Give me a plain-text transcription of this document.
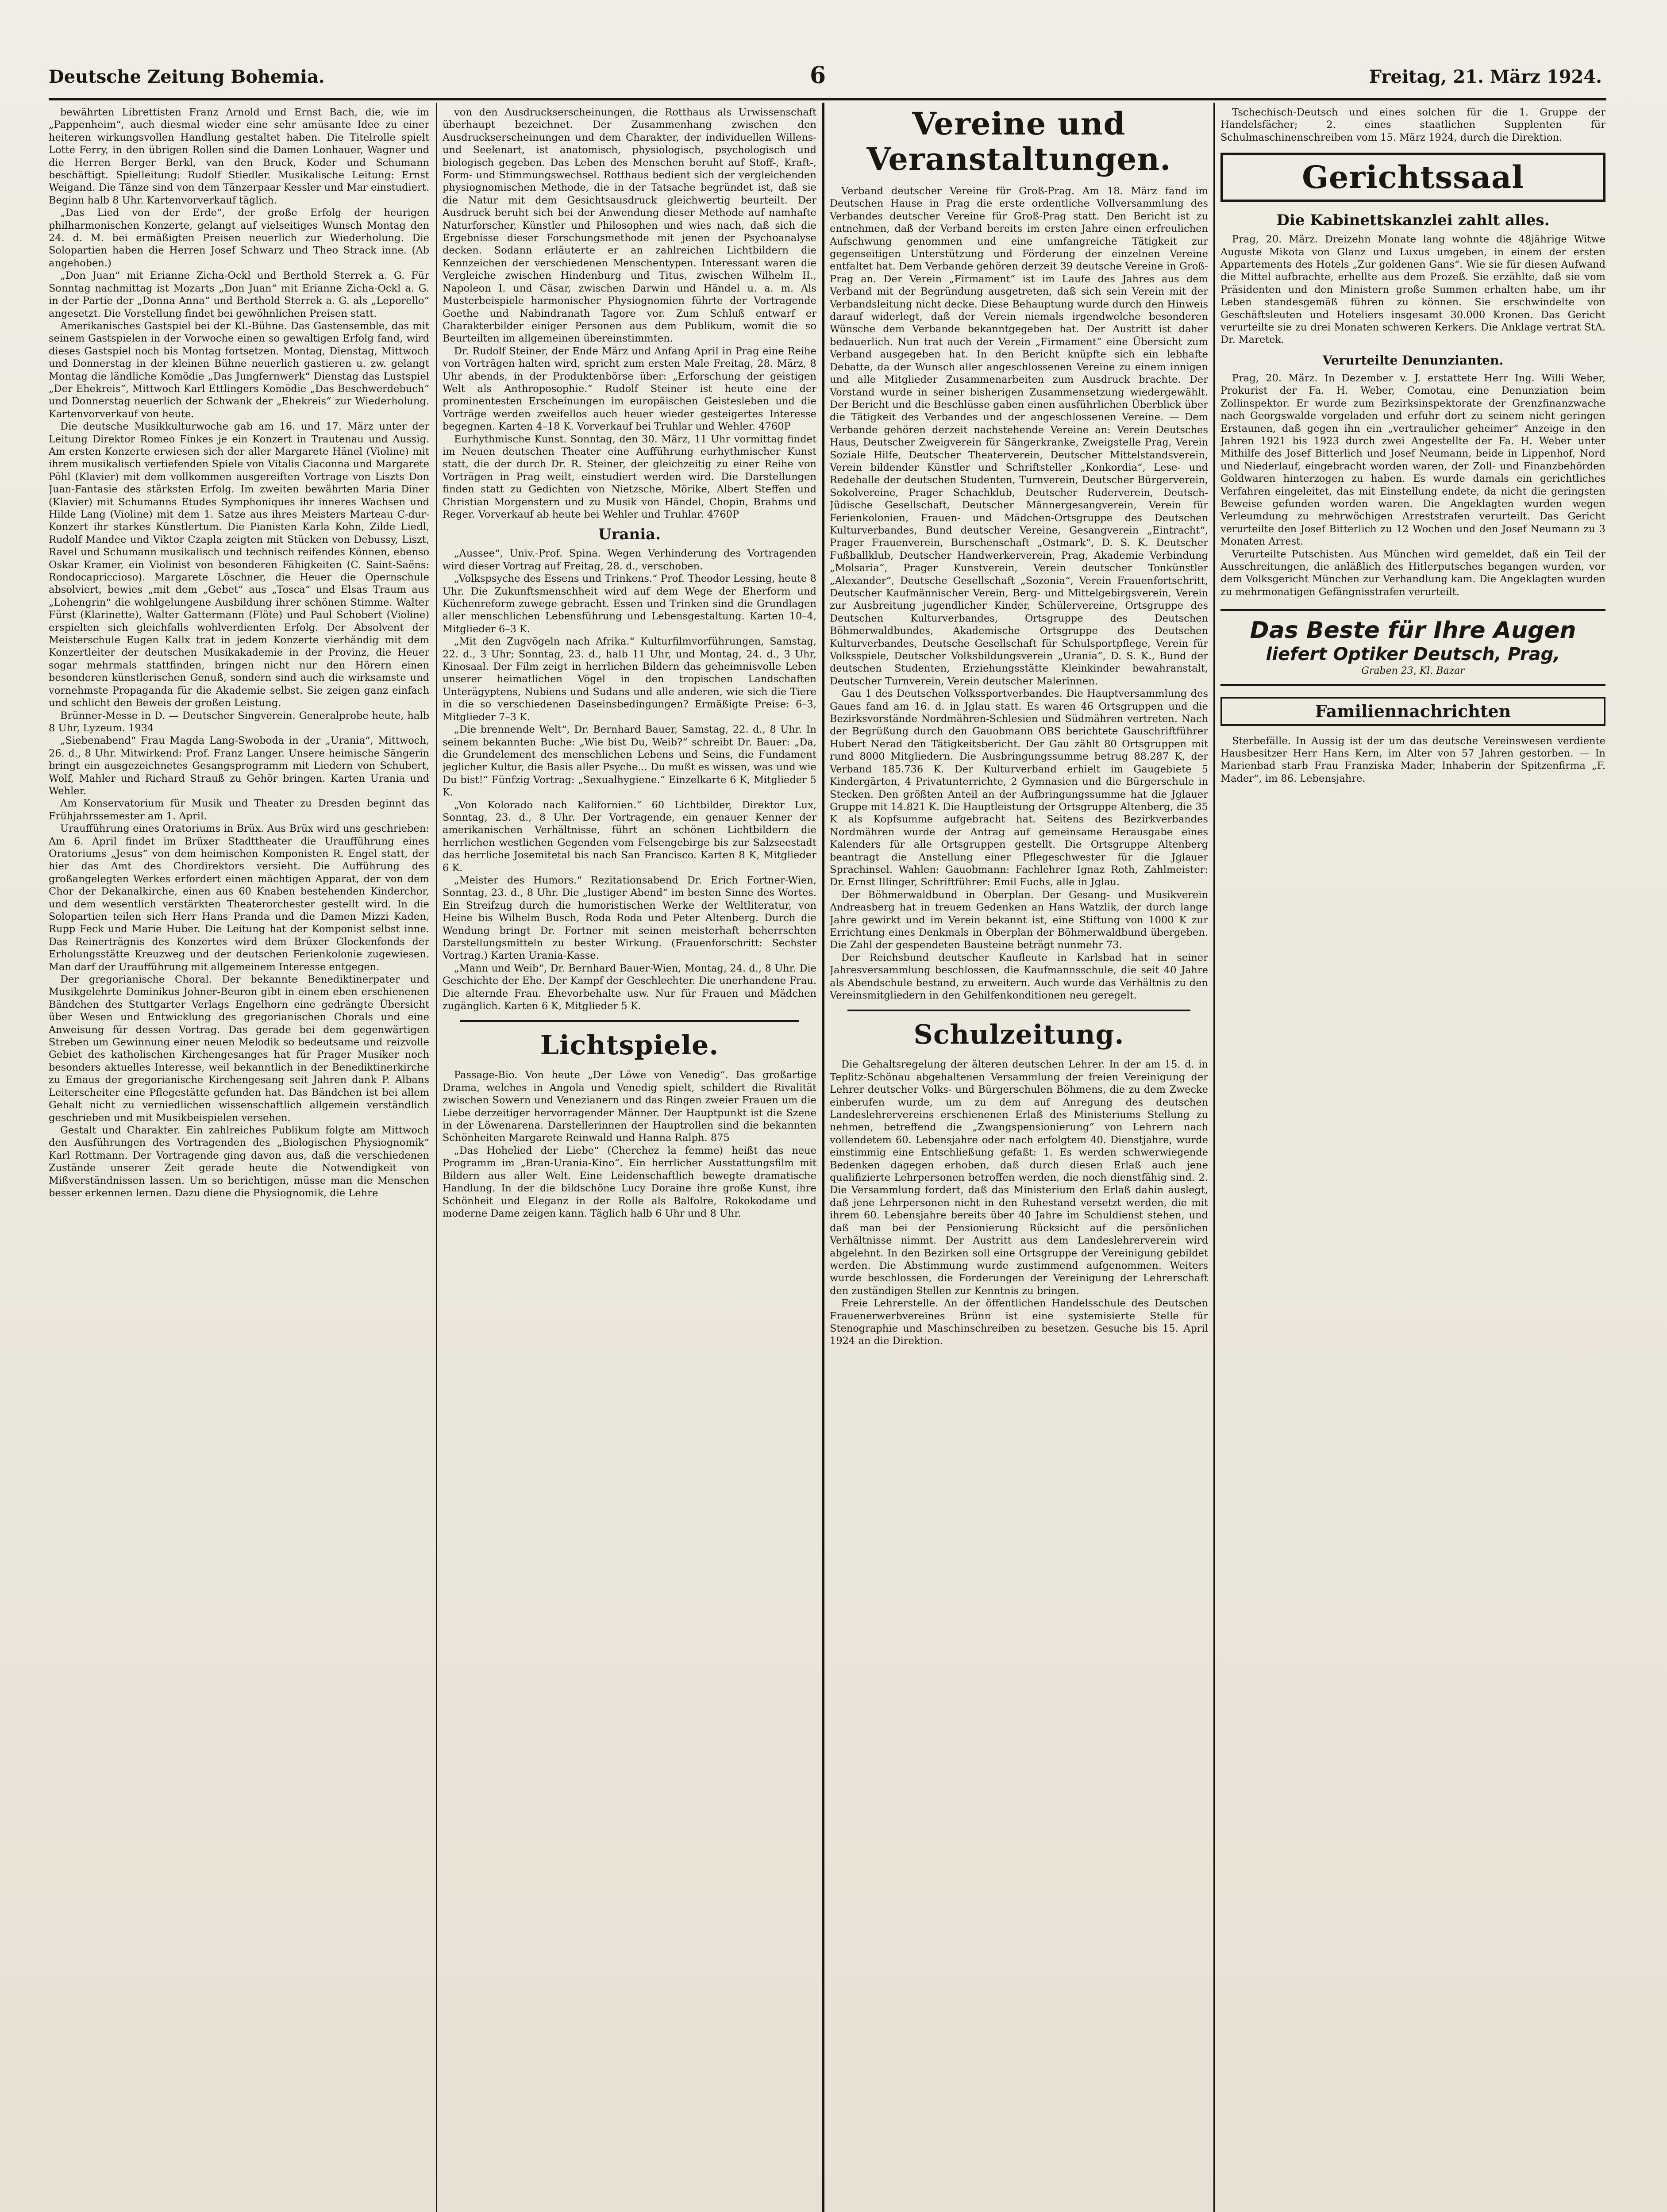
Deutsche Zeitung Bohemia.	6	Freitag, 21. März 1924.

bewährten Librettisten Franz Arnold und Ernst Bach, die, wie im „Pappenheim“, auch diesmal wieder eine sehr amüsante Idee zu einer heiteren wirkungsvollen Handlung gestaltet haben. Die Titelrolle spielt Lotte Ferry, in den übrigen Rollen sind die Damen Lonhauer, Wagner und die Herren Berger Berkl, van den Bruck, Koder und Schumann beschäftigt. Spielleitung: Rudolf Stiedler. Musikalische Leitung: Ernst Weigand. Die Tänze sind von dem Tänzerpaar Kessler und Mar einstudiert. Beginn halb 8 Uhr. Kartenvorverkauf täglich.

„Das Lied von der Erde“, der große Erfolg der heurigen philharmonischen Konzerte, gelangt auf vielseitiges Wunsch Montag den 24. d. M. bei ermäßigten Preisen neuerlich zur Wiederholung. Die Solopartien haben die Herren Josef Schwarz und Theo Strack inne. (Ab angehoben.)

„Don Juan“ mit Erianne Zicha-Ockl und Berthold Sterrek a. G. Für Sonntag nachmittag ist Mozarts „Don Juan“ mit Erianne Zicha-Ockl a. G. in der Partie der „Donna Anna“ und Berthold Sterrek a. G. als „Leporello“ angesetzt. Die Vorstellung findet bei gewöhnlichen Preisen statt.

Amerikanisches Gastspiel bei der Kl.-Bühne. Das Gastensemble, das mit seinem Gastspielen in der Vorwoche einen so gewaltigen Erfolg fand, wird dieses Gastspiel noch bis Montag fortsetzen. Montag, Dienstag, Mittwoch und Donnerstag in der kleinen Bühne neuerlich gastieren u. zw. gelangt Montag die ländliche Komödie „Das Jungfernwerk“ Dienstag das Lustspiel „Der Ehekreis“, Mittwoch Karl Ettlingers Komödie „Das Beschwerdebuch“ und Donnerstag neuerlich der Schwank der „Ehekreis“ zur Wiederholung. Kartenvorverkauf von heute.

Die deutsche Musikkulturwoche gab am 16. und 17. März unter der Leitung Direktor Romeo Finkes je ein Konzert in Trautenau und Aussig. Am ersten Konzerte erwiesen sich der aller Margarete Hänel (Violine) mit ihrem musikalisch vertiefenden Spiele von Vitalis Ciaconna und Margarete Pöhl (Klavier) mit dem vollkommen ausgereiften Vortrage von Liszts Don Juan-Fantasie des stärksten Erfolg. Im zweiten bewährten Maria Diner (Klavier) mit Schumanns Etudes Symphoniques ihr inneres Wachsen und Hilde Lang (Violine) mit dem 1. Satze aus ihres Meisters Marteau C-dur-Konzert ihr starkes Künstlertum. Die Pianisten Karla Kohn, Zilde Liedl, Rudolf Mandee und Viktor Czapla zeigten mit Stücken von Debussy, Liszt, Ravel und Schumann musikalisch und technisch reifendes Können, ebenso Oskar Kramer, ein Violinist von besonderen Fähigkeiten (C. Saint-Saëns: Rondocapriccioso). Margarete Löschner, die Heuer die Opernschule absolviert, bewies „mit dem „Gebet“ aus „Tosca“ und Elsas Traum aus „Lohengrin“ die wohlgelungene Ausbildung ihrer schönen Stimme. Walter Fürst (Klarinette), Walter Gattermann (Flöte) und Paul Schobert (Violine) erspielten sich gleichfalls wohlverdienten Erfolg. Der Absolvent der Meisterschule Eugen Kallx trat in jedem Konzerte vierhändig mit dem Konzertleiter der deutschen Musikakademie in der Provinz, die Heuer sogar mehrmals stattfinden, bringen nicht nur den Hörern einen besonderen künstlerischen Genuß, sondern sind auch die wirksamste und vornehmste Propaganda für die Akademie selbst. Sie zeigen ganz einfach und schlicht den Beweis der großen Leistung.

Brünner-Messe in D. — Deutscher Singverein. Generalprobe heute, halb 8 Uhr, Lyzeum. 1934

„Siebenabend“ Frau Magda Lang-Swoboda in der „Urania“, Mittwoch, 26. d., 8 Uhr. Mitwirkend: Prof. Franz Langer. Unsere heimische Sängerin bringt ein ausgezeichnetes Gesangsprogramm mit Liedern von Schubert, Wolf, Mahler und Richard Strauß zu Gehör bringen. Karten Urania und Wehler.

Am Konservatorium für Musik und Theater zu Dresden beginnt das Frühjahrssemester am 1. April.

Uraufführung eines Oratoriums in Brüx. Aus Brüx wird uns geschrieben: Am 6. April findet im Brüxer Stadttheater die Uraufführung eines Oratoriums „Jesus“ von dem heimischen Komponisten R. Engel statt, der hier das Amt des Chordirektors versieht. Die Aufführung des großangelegten Werkes erfordert einen mächtigen Apparat, der von dem Chor der Dekanalkirche, einen aus 60 Knaben bestehenden Kinderchor, und dem wesentlich verstärkten Theaterorchester gestellt wird. In die Solopartien teilen sich Herr Hans Pranda und die Damen Mizzi Kaden, Rupp Feck und Marie Huber. Die Leitung hat der Komponist selbst inne. Das Reinerträgnis des Konzertes wird dem Brüxer Glockenfonds der Erholungsstätte Kreuzweg und der deutschen Ferienkolonie zugewiesen. Man darf der Uraufführung mit allgemeinem Interesse entgegen.

Der gregorianische Choral. Der bekannte Benediktinerpater und Musikgelehrte Dominikus Johner-Beuron gibt in einem eben erschienenen Bändchen des Stuttgarter Verlags Engelhorn eine gedrängte Übersicht über Wesen und Entwicklung des gregorianischen Chorals und eine Anweisung für dessen Vortrag. Das gerade bei dem gegenwärtigen Streben um Gewinnung einer neuen Melodik so bedeutsame und reizvolle Gebiet des katholischen Kirchengesanges hat für Prager Musiker noch besonders aktuelles Interesse, weil bekanntlich in der Benediktinerkirche zu Emaus der gregorianische Kirchengesang seit Jahren dank P. Albans Leiterscheiter eine Pflegestätte gefunden hat. Das Bändchen ist bei allem Gehalt nicht zu verniedlichen wissenschaftlich allgemein verständlich geschrieben und mit Musikbeispielen versehen.

Gestalt und Charakter. Ein zahlreiches Publikum folgte am Mittwoch den Ausführungen des Vortragenden des „Biologischen Physiognomik“ Karl Rottmann. Der Vortragende ging davon aus, daß die verschiedenen Zustände unserer Zeit gerade heute die Notwendigkeit von Mißverständnissen lassen. Um so berichtigen, müsse man die Menschen besser erkennen lernen. Dazu diene die Physiognomik, die Lehre

von den Ausdruckserscheinungen, die Rotthaus als Urwissenschaft überhaupt bezeichnet. Der Zusammenhang zwischen den Ausdruckserscheinungen und dem Charakter, der individuellen Willens- und Seelenart, ist anatomisch, physiologisch, psychologisch und biologisch gegeben. Das Leben des Menschen beruht auf Stoff-, Kraft-, Form- und Stimmungswechsel. Rotthaus bedient sich der vergleichenden physiognomischen Methode, die in der Tatsache begründet ist, daß sie die Natur mit dem Gesichtsausdruck gleichwertig beurteilt. Der Ausdruck beruht sich bei der Anwendung dieser Methode auf namhafte Naturforscher, Künstler und Philosophen und wies nach, daß sich die Ergebnisse dieser Forschungsmethode mit jenen der Psychoanalyse decken. Sodann erläuterte er an zahlreichen Lichtbildern die Kennzeichen der verschiedenen Menschentypen. Interessant waren die Vergleiche zwischen Hindenburg und Titus, zwischen Wilhelm II., Napoleon I. und Cäsar, zwischen Darwin und Händel u. a. m. Als Musterbeispiele harmonischer Physiognomien führte der Vortragende Goethe und Nabindranath Tagore vor. Zum Schluß entwarf er Charakterbilder einiger Personen aus dem Publikum, womit die so Beurteilten im allgemeinen übereinstimmten.

Dr. Rudolf Steiner, der Ende März und Anfang April in Prag eine Reihe von Vorträgen halten wird, spricht zum ersten Male Freitag, 28. März, 8 Uhr abends, in der Produktenbörse über: „Erforschung der geistigen Welt als Anthroposophie.“ Rudolf Steiner ist heute eine der prominentesten Erscheinungen im europäischen Geistesleben und die Vorträge werden zweifellos auch heuer wieder gesteigertes Interesse begegnen. Karten 4–18 K. Vorverkauf bei Truhlar und Wehler. 4760P

Eurhythmische Kunst. Sonntag, den 30. März, 11 Uhr vormittag findet im Neuen deutschen Theater eine Aufführung eurhythmischer Kunst statt, die der durch Dr. R. Steiner, der gleichzeitig zu einer Reihe von Vorträgen in Prag weilt, einstudiert werden wird. Die Darstellungen finden statt zu Gedichten von Nietzsche, Mörike, Albert Steffen und Christian Morgenstern und zu Musik von Händel, Chopin, Brahms und Reger. Vorverkauf ab heute bei Wehler und Truhlar. 4760P

Urania.

„Aussee“, Univ.-Prof. Spina. Wegen Verhinderung des Vortragenden wird dieser Vortrag auf Freitag, 28. d., verschoben.

„Volkspsyche des Essens und Trinkens.“ Prof. Theodor Lessing, heute 8 Uhr. Die Zukunftsmenschheit wird auf dem Wege der Eherform und Küchenreform zuwege gebracht. Essen und Trinken sind die Grundlagen aller menschlichen Lebensführung und Lebensgestaltung. Karten 10–4, Mitglieder 6–3 K.

„Mit den Zugvögeln nach Afrika.“ Kulturfilmvorführungen, Samstag, 22. d., 3 Uhr; Sonntag, 23. d., halb 11 Uhr, und Montag, 24. d., 3 Uhr, Kinosaal. Der Film zeigt in herrlichen Bildern das geheimnisvolle Leben unserer heimatlichen Vögel in den tropischen Landschaften Unterägyptens, Nubiens und Sudans und alle anderen, wie sich die Tiere in die so verschiedenen Daseinsbedingungen? Ermäßigte Preise: 6–3, Mitglieder 7–3 K.

„Die brennende Welt“, Dr. Bernhard Bauer, Samstag, 22. d., 8 Uhr. In seinem bekannten Buche: „Wie bist Du, Weib?“ schreibt Dr. Bauer: „Da, die Grundelement des menschlichen Lebens und Seins, die Fundament jeglicher Kultur, die Basis aller Psyche... Du mußt es wissen, was und wie Du bist!“ Fünfzig Vortrag: „Sexualhygiene.“ Einzelkarte 6 K, Mitglieder 5 K.

„Von Kolorado nach Kalifornien.“ 60 Lichtbilder, Direktor Lux, Sonntag, 23. d., 8 Uhr. Der Vortragende, ein genauer Kenner der amerikanischen Verhältnisse, führt an schönen Lichtbildern die herrlichen westlichen Gegenden vom Felsengebirge bis zur Salzseestadt das herrliche Josemitetal bis nach San Francisco. Karten 8 K, Mitglieder 6 K.

„Meister des Humors.“ Rezitationsabend Dr. Erich Fortner-Wien, Sonntag, 23. d., 8 Uhr. Die „lustiger Abend“ im besten Sinne des Wortes. Ein Streifzug durch die humoristischen Werke der Weltliteratur, von Heine bis Wilhelm Busch, Roda Roda und Peter Altenberg. Durch die Wendung bringt Dr. Fortner mit seinen meisterhaft beherrschten Darstellungsmitteln zu bester Wirkung. (Frauenforschritt: Sechster Vortrag.) Karten Urania-Kasse.

„Mann und Weib“, Dr. Bernhard Bauer-Wien, Montag, 24. d., 8 Uhr. Die Geschichte der Ehe. Der Kampf der Geschlechter. Die unerhandene Frau. Die alternde Frau. Ehevorbehalte usw. Nur für Frauen und Mädchen zugänglich. Karten 6 K, Mitglieder 5 K.

Lichtspiele.

Passage-Bio. Von heute „Der Löwe von Venedig“. Das großartige Drama, welches in Angola und Venedig spielt, schildert die Rivalität zwischen Sowern und Venezianern und das Ringen zweier Frauen um die Liebe derzeitiger hervorragender Männer. Der Hauptpunkt ist die Szene in der Löwenarena. Darstellerinnen der Hauptrollen sind die bekannten Schönheiten Margarete Reinwald und Hanna Ralph. 875

„Das Hohelied der Liebe“ (Cherchez la femme) heißt das neue Programm im „Bran-Urania-Kino“. Ein herrlicher Ausstattungsfilm mit Bildern aus aller Welt. Eine Leidenschaftlich bewegte dramatische Handlung. In der die bildschöne Lucy Doraine ihre große Kunst, ihre Schönheit und Eleganz in der Rolle als Balfolre, Rokokodame und moderne Dame zeigen kann. Täglich halb 6 Uhr und 8 Uhr.

Vereine und Veranstaltungen.

Verband deutscher Vereine für Groß-Prag. Am 18. März fand im Deutschen Hause in Prag die erste ordentliche Vollversammlung des Verbandes deutscher Vereine für Groß-Prag statt. Den Bericht ist zu entnehmen, daß der Verband bereits im ersten Jahre einen erfreulichen Aufschwung genommen und eine umfangreiche Tätigkeit zur gegenseitigen Unterstützung und Förderung der einzelnen Vereine entfaltet hat. Dem Verbande gehören derzeit 39 deutsche Vereine in Groß-Prag an. Der Verein „Firmament“ ist im Laufe des Jahres aus dem Verband mit der Begründung ausgetreten, daß sich sein Verein mit der Verbandsleitung nicht decke. Diese Behauptung wurde durch den Hinweis darauf widerlegt, daß der Verein niemals irgendwelche besonderen Wünsche dem Verbande bekanntgegeben hat. Der Austritt ist daher bedauerlich. Nun trat auch der Verein „Firmament“ eine Übersicht zum Verband ausgegeben hat. In den Bericht knüpfte sich ein lebhafte Debatte, da der Wunsch aller angeschlossenen Vereine zu einem innigen und alle Mitglieder Zusammenarbeiten zum Ausdruck brachte. Der Vorstand wurde in seiner bisherigen Zusammensetzung wiedergewählt. Der Bericht und die Beschlüsse gaben einen ausführlichen Überblick über die Tätigkeit des Verbandes und der angeschlossenen Vereine. — Dem Verbande gehören derzeit nachstehende Vereine an: Verein Deutsches Haus, Deutscher Zweigverein für Sängerkranke, Zweigstelle Prag, Verein Soziale Hilfe, Deutscher Theaterverein, Deutscher Mittelstandsverein, Verein bildender Künstler und Schriftsteller „Konkordia“, Lese- und Redehalle der deutschen Studenten, Turnverein, Deutscher Bürgerverein, Sokolvereine, Prager Schachklub, Deutscher Ruderverein, Deutsch-Jüdische Gesellschaft, Deutscher Männergesangverein, Verein für Ferienkolonien, Frauen- und Mädchen-Ortsgruppe des Deutschen Kulturverbandes, Bund deutscher Vereine, Gesangverein „Eintracht“, Prager Frauenverein, Burschenschaft „Ostmark“, D. S. K. Deutscher Fußballklub, Deutscher Handwerkerverein, Prag, Akademie Verbindung „Molsaria“, Prager Kunstverein, Verein deutscher Tonkünstler „Alexander“, Deutsche Gesellschaft „Sozonia“, Verein Frauenfortschritt, Deutscher Kaufmännischer Verein, Berg- und Mittelgebirgsverein, Verein zur Ausbreitung jugendlicher Kinder, Schülervereine, Ortsgruppe des Deutschen Kulturverbandes, Ortsgruppe des Deutschen Böhmerwaldbundes, Akademische Ortsgruppe des Deutschen Kulturverbandes, Deutsche Gesellschaft für Schulsportpflege, Verein für Volksspiele, Deutscher Volksbildungsverein „Urania“, D. S. K., Bund der deutschen Studenten, Erziehungsstätte Kleinkinder bewahranstalt, Deutscher Turnverein, Verein deutscher Malerinnen.

Gau 1 des Deutschen Volkssportverbandes. Die Hauptversammlung des Gaues fand am 16. d. in Jglau statt. Es waren 46 Ortsgruppen und die Bezirksvorstände Nordmähren-Schlesien und Südmähren vertreten. Nach der Begrüßung durch den Gauobmann OBS berichtete Gauschriftführer Hubert Nerad den Tätigkeitsbericht. Der Gau zählt 80 Ortsgruppen mit rund 8000 Mitgliedern. Die Ausbringungssumme betrug 88.287 K, der Verband 185.736 K. Der Kulturverband erhielt im Gaugebiete 5 Kindergärten, 4 Privatunterrichte, 2 Gymnasien und die Bürgerschule in Stecken. Den größten Anteil an der Aufbringungssumme hat die Jglauer Gruppe mit 14.821 K. Die Hauptleistung der Ortsgruppe Altenberg, die 35 K als Kopfsumme aufgebracht hat. Seitens des Bezirkverbandes Nordmähren wurde der Antrag auf gemeinsame Herausgabe eines Kalenders für alle Ortsgruppen gestellt. Die Ortsgruppe Altenberg beantragt die Anstellung einer Pflegeschwester für die Jglauer Sprachinsel. Wahlen: Gauobmann: Fachlehrer Ignaz Roth, Zahlmeister: Dr. Ernst Illinger, Schriftführer: Emil Fuchs, alle in Jglau.

Der Böhmerwaldbund in Oberplan. Der Gesang- und Musikverein Andreasberg hat in treuem Gedenken an Hans Watzlik, der durch lange Jahre gewirkt und im Verein bekannt ist, eine Stiftung von 1000 K zur Errichtung eines Denkmals in Oberplan der Böhmerwaldbund übergeben. Die Zahl der gespendeten Bausteine beträgt nunmehr 73.

Der Reichsbund deutscher Kaufleute in Karlsbad hat in seiner Jahresversammlung beschlossen, die Kaufmannsschule, die seit 40 Jahre als Abendschule bestand, zu erweitern. Auch wurde das Verhältnis zu den Vereinsmitgliedern in den Gehilfenkonditionen neu geregelt.

Schulzeitung.

Die Gehaltsregelung der älteren deutschen Lehrer. In der am 15. d. in Teplitz-Schönau abgehaltenen Versammlung der freien Vereinigung der Lehrer deutscher Volks- und Bürgerschulen Böhmens, die zu dem Zwecke einberufen wurde, um zu dem auf Anregung des deutschen Landeslehrervereins erschienenen Erlaß des Ministeriums Stellung zu nehmen, betreffend die „Zwangspensionierung“ von Lehrern nach vollendetem 60. Lebensjahre oder nach erfolgtem 40. Dienstjahre, wurde einstimmig eine Entschließung gefaßt: 1. Es werden schwerwiegende Bedenken dagegen erhoben, daß durch diesen Erlaß auch jene qualifizierte Lehrpersonen betroffen werden, die noch dienstfähig sind. 2. Die Versammlung fordert, daß das Ministerium den Erlaß dahin auslegt, daß jene Lehrpersonen nicht in den Ruhestand versetzt werden, die mit ihrem 60. Lebensjahre bereits über 40 Jahre im Schuldienst stehen, und daß man bei der Pensionierung Rücksicht auf die persönlichen Verhältnisse nimmt. Der Austritt aus dem Landeslehrerverein wird abgelehnt. In den Bezirken soll eine Ortsgruppe der Vereinigung gebildet werden. Die Abstimmung wurde zustimmend aufgenommen. Weiters wurde beschlossen, die Forderungen der Vereinigung der Lehrerschaft den zuständigen Stellen zur Kenntnis zu bringen.

Freie Lehrerstelle. An der öffentlichen Handelsschule des Deutschen Frauenerwerbvereines Brünn ist eine systemisierte Stelle für Stenographie und Maschinschreiben zu besetzen. Gesuche bis 15. April 1924 an die Direktion.

Tschechisch-Deutsch und eines solchen für die 1. Gruppe der Handelsfächer; 2. eines staatlichen Supplenten für Schulmaschinenschreiben vom 15. März 1924, durch die Direktion.

Gerichtssaal
Die Kabinettskanzlei zahlt alles.

Prag, 20. März. Dreizehn Monate lang wohnte die 48jährige Witwe Auguste Mikota von Glanz und Luxus umgeben, in einem der ersten Appartements des Hotels „Zur goldenen Gans“. Wie sie für diesen Aufwand die Mittel aufbrachte, erhellte aus dem Prozeß. Sie erzählte, daß sie vom Präsidenten und den Ministern große Summen erhalten habe, um ihr Leben standesgemäß führen zu können. Sie erschwindelte von Geschäftsleuten und Hoteliers insgesamt 30.000 Kronen. Das Gericht verurteilte sie zu drei Monaten schweren Kerkers. Die Anklage vertrat StA. Dr. Maretek.

Verurteilte Denunzianten.

Prag, 20. März. In Dezember v. J. erstattete Herr Ing. Willi Weber, Prokurist der Fa. H. Weber, Comotau, eine Denunziation beim Zollinspektor. Er wurde zum Bezirksinspektorate der Grenzfinanzwache nach Georgswalde vorgeladen und erfuhr dort zu seinem nicht geringen Erstaunen, daß gegen ihn ein „vertraulicher geheimer“ Anzeige in den Jahren 1921 bis 1923 durch zwei Angestellte der Fa. H. Weber unter Mithilfe des Josef Bitterlich und Josef Neumann, beide in Lippenhof, Nord und Niederlauf, eingebracht worden waren, der Zoll- und Finanzbehörden Goldwaren hinterzogen zu haben. Es wurde damals ein gerichtliches Verfahren eingeleitet, das mit Einstellung endete, da nicht die geringsten Beweise gefunden worden waren. Die Angeklagten wurden wegen Verleumdung zu mehrwöchigen Arreststrafen verurteilt. Das Gericht verurteilte den Josef Bitterlich zu 12 Wochen und den Josef Neumann zu 3 Monaten Arrest.

Verurteilte Putschisten. Aus München wird gemeldet, daß ein Teil der Ausschreitungen, die anläßlich des Hitlerputsches begangen wurden, vor dem Volksgericht München zur Verhandlung kam. Die Angeklagten wurden zu mehrmonatigen Gefängnisstrafen verurteilt.

Das Beste für Ihre Augen
liefert Optiker Deutsch, Prag,
Graben 23, Kl. Bazar
Familiennachrichten

Sterbefälle. In Aussig ist der um das deutsche Vereinswesen verdiente Hausbesitzer Herr Hans Kern, im Alter von 57 Jahren gestorben. — In Marienbad starb Frau Franziska Mader, Inhaberin der Spitzenfirma „F. Mader“, im 86. Lebensjahre.
